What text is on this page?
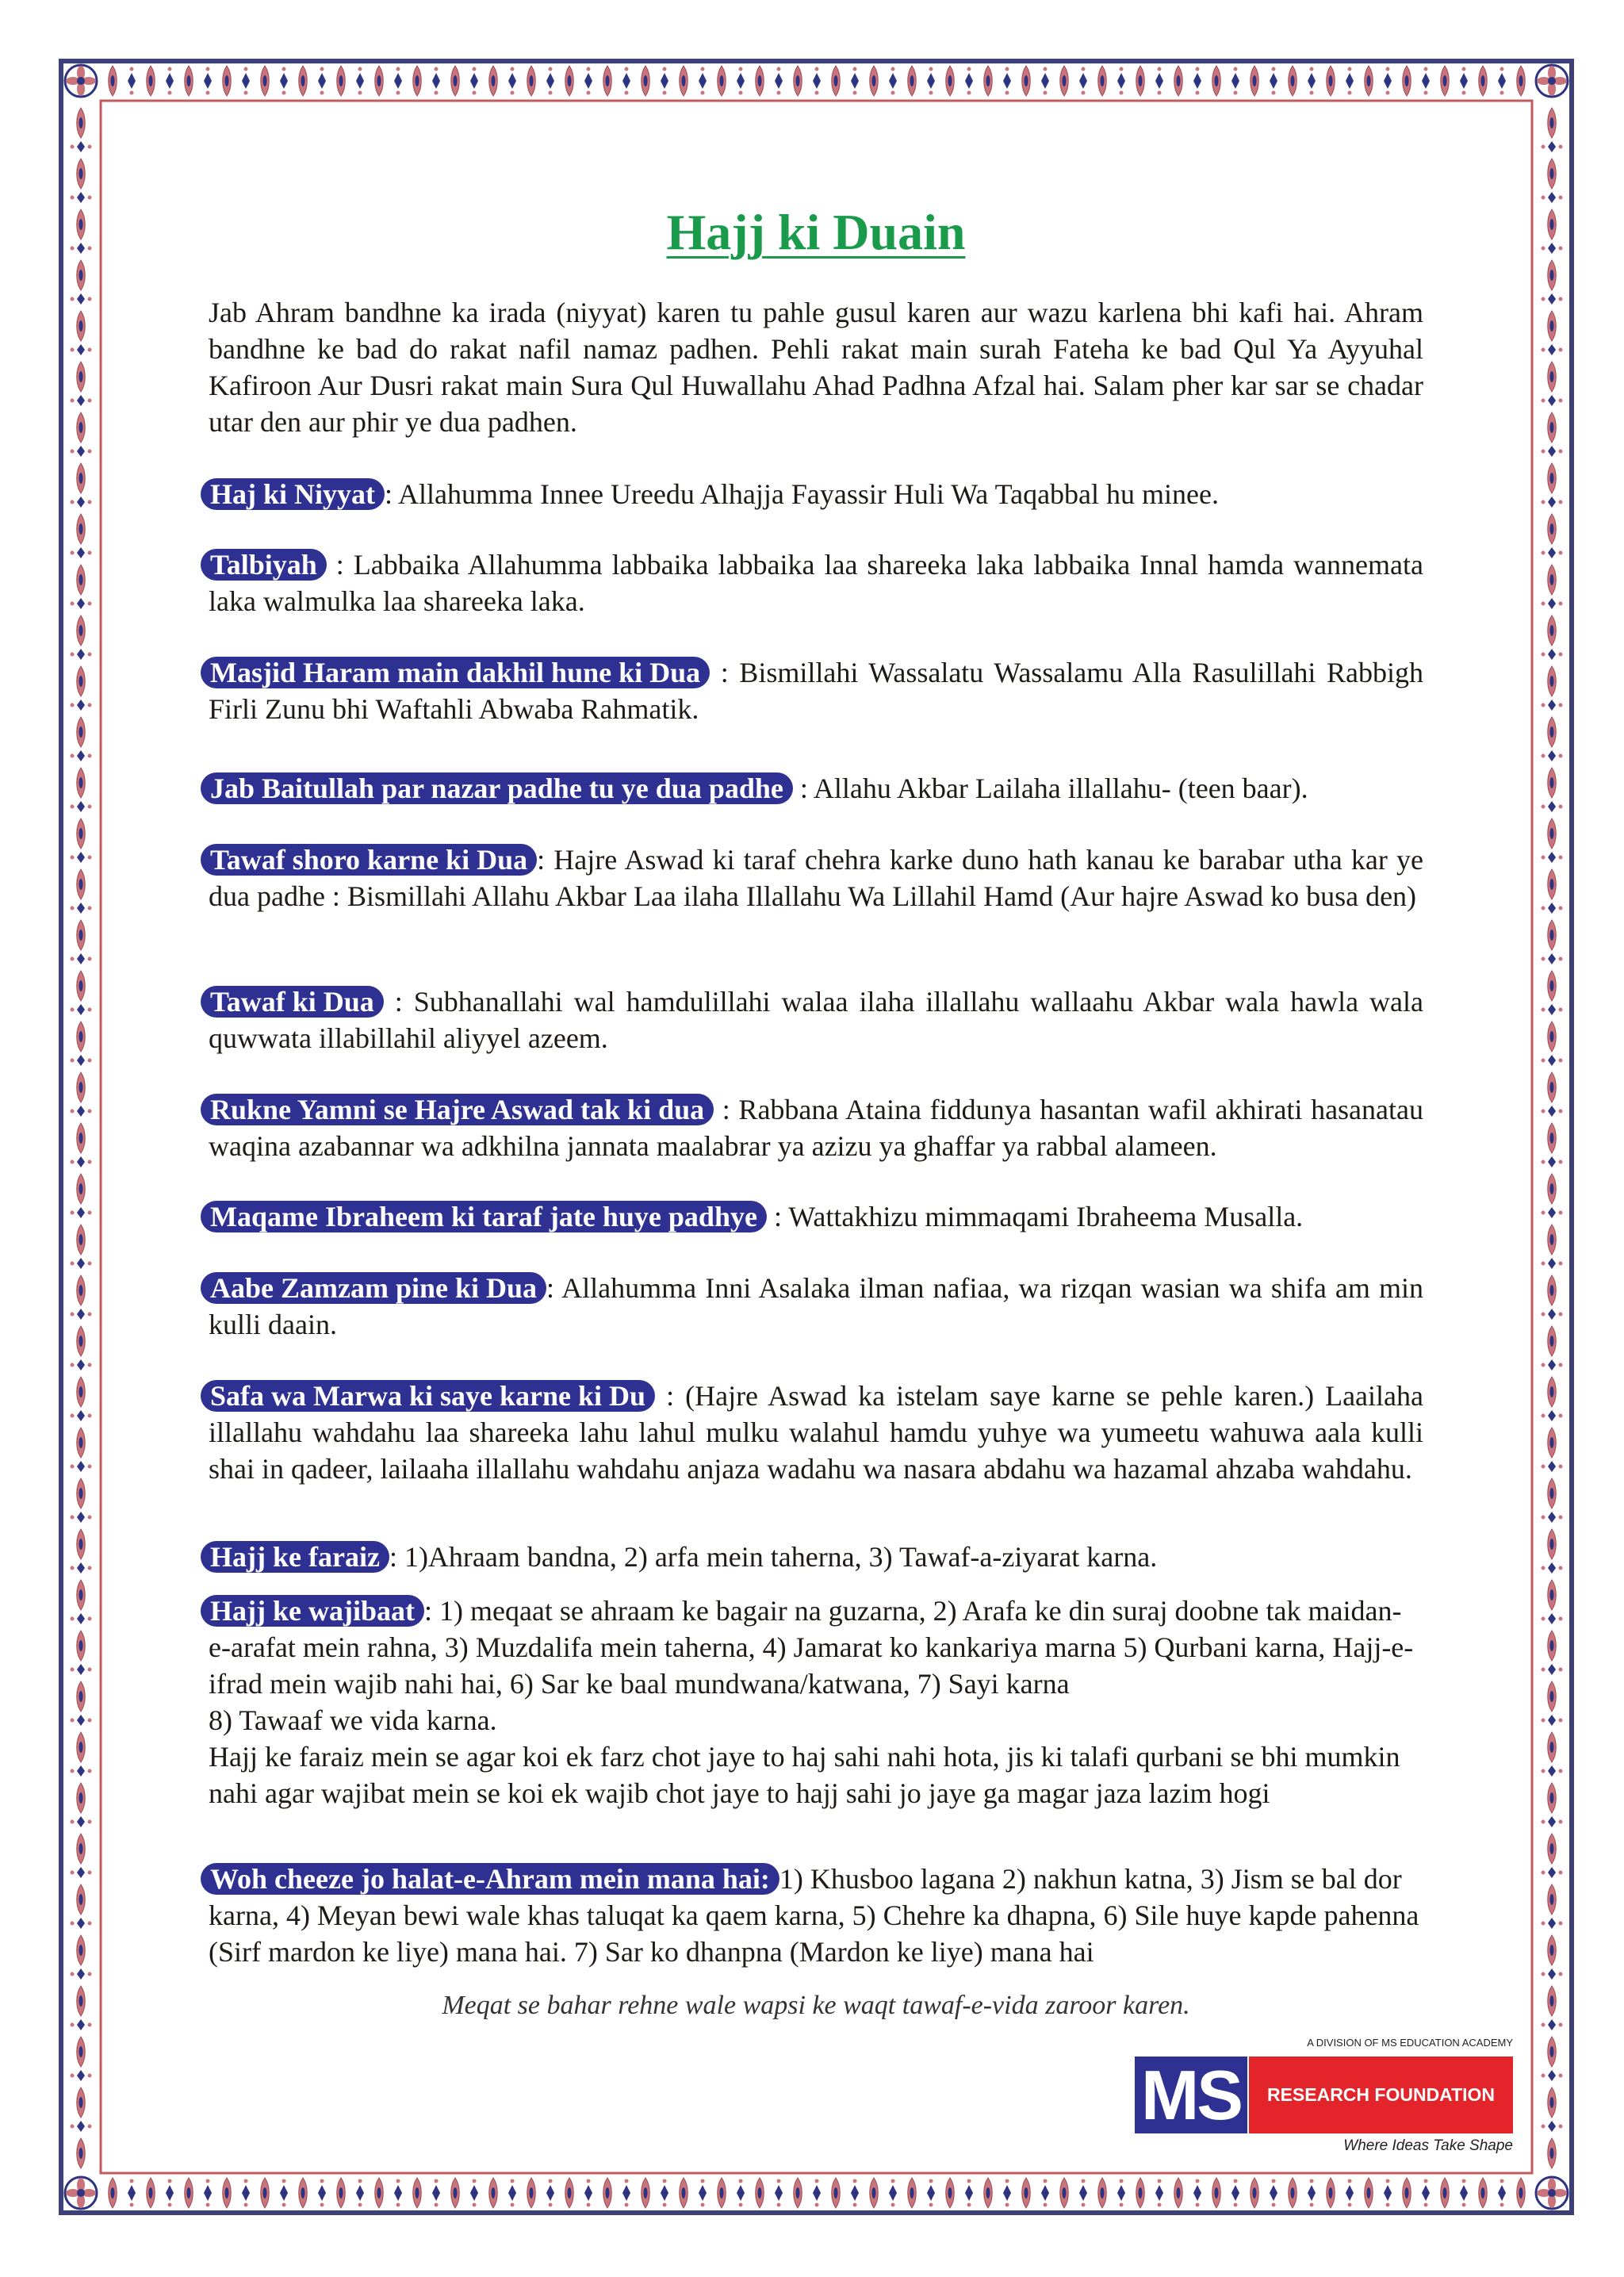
Hajj ki Duain
Jab Ahram bandhne ka irada (niyyat) karen tu pahle gusul karen aur wazu karlena bhi kafi hai. Ahram bandhne ke bad do rakat nafil namaz padhen. Pehli rakat main surah Fateha ke bad Qul Ya Ayyuhal Kafiroon Aur Dusri rakat main Sura Qul Huwallahu Ahad Padhna Afzal hai. Salam pher kar sar se chadar utar den aur phir ye dua padhen.
Haj ki Niyyat : Allahumma Innee Ureedu Alhajja Fayassir Huli Wa Taqabbal hu minee.
Talbiyah : Labbaika Allahumma labbaika labbaika laa shareeka laka labbaika Innal hamda wannemata laka walmulka laa shareeka laka.
Masjid Haram main dakhil hune ki Dua : Bismillahi Wassalatu Wassalamu Alla Rasulillahi Rabbigh Firli Zunu bhi Waftahli Abwaba Rahmatik.
Jab Baitullah par nazar padhe tu ye dua padhe : Allahu Akbar Lailaha illallahu- (teen baar).
Tawaf shoro karne ki Dua : Hajre Aswad ki taraf chehra karke duno hath kanau ke barabar utha kar ye dua padhe : Bismillahi Allahu Akbar Laa ilaha Illallahu Wa Lillahil Hamd (Aur hajre Aswad ko busa den)
Tawaf ki Dua : Subhanallahi wal hamdulillahi walaa ilaha illallahu wallaahu Akbar wala hawla wala quwwata illabillahil aliyyel azeem.
Rukne Yamni se Hajre Aswad tak ki dua : Rabbana Ataina fiddunya hasantan wafil akhirati hasanatau waqina azabannar wa adkhilna jannata maalabrar ya azizu ya ghaffar ya rabbal alameen.
Maqame Ibraheem ki taraf jate huye padhye : Wattakhizu mimmaqami Ibraheema Musalla.
Aabe Zamzam pine ki Dua : Allahumma Inni Asalaka ilman nafiaa, wa rizqan wasian wa shifa am min kulli daain.
Safa wa Marwa ki saye karne ki Du : (Hajre Aswad ka istelam saye karne se pehle karen.) Laailaha illallahu wahdahu laa shareeka lahu lahul mulku walahul hamdu yuhye wa yumeetu wahuwa aala kulli shai in qadeer, lailaaha illallahu wahdahu anjaza wadahu wa nasara abdahu wa hazamal ahzaba wahdahu.
Hajj ke faraiz : 1)Ahraam bandna, 2) arfa mein taherna, 3) Tawaf-a-ziyarat karna.
Hajj ke wajibaat : 1) meqaat se ahraam ke bagair na guzarna, 2) Arafa ke din suraj doobne tak maidan-e-arafat mein rahna, 3) Muzdalifa mein taherna, 4) Jamarat ko kankariya marna 5) Qurbani karna, Hajj-e-ifrad mein wajib nahi hai, 6) Sar ke baal mundwana/katwana, 7) Sayi karna
8) Tawaaf we vida karna.
Hajj ke faraiz mein se agar koi ek farz chot jaye to haj sahi nahi hota, jis ki talafi qurbani se bhi mumkin nahi agar wajibat mein se koi ek wajib chot jaye to hajj sahi jo jaye ga magar jaza lazim hogi
Woh cheeze jo halat-e-Ahram mein mana hai: 1) Khusboo lagana 2) nakhun katna, 3) Jism se bal dor karna, 4) Meyan bewi wale khas taluqat ka qaem karna, 5) Chehre ka dhapna, 6) Sile huye kapde pahenna (Sirf mardon ke liye) mana hai. 7) Sar ko dhanpna (Mardon ke liye) mana hai
Meqat se bahar rehne wale wapsi ke waqt tawaf-e-vida zaroor karen.
A DIVISION OF MS EDUCATION ACADEMY
MS	RESEARCH FOUNDATION
Where Ideas Take Shape
